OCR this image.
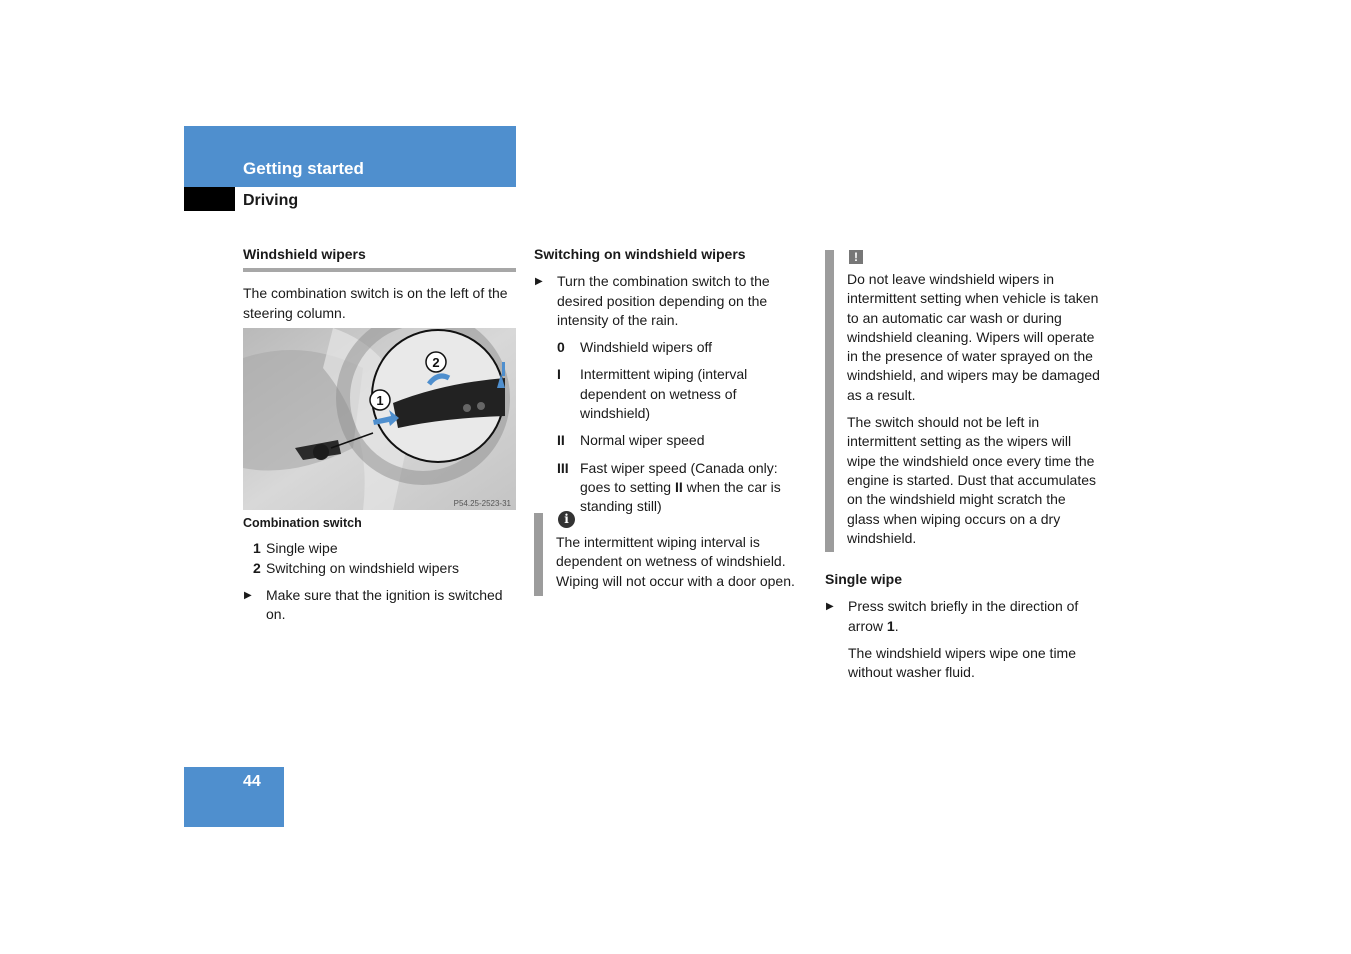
Getting started
Driving
Windshield wipers

The combination switch is on the left of the steering column.

1
2
P54.25-2523-31
Combination switch
1 Single wipe
2 Switching on windshield wipers
▶ Make sure that the ignition is switched on.
Switching on windshield wipers
▶ Turn the combination switch to the desired position depending on the intensity of the rain.
0 Windshield wipers off
I Intermittent wiping (interval dependent on wetness of windshield)
II Normal wiper speed
III Fast wiper speed (Canada only: goes to setting II when the car is standing still)
i
The intermittent wiping interval is dependent on wetness of windshield. Wiping will not occur with a door open.
!

Do not leave windshield wipers in intermittent setting when vehicle is taken to an automatic car wash or during windshield cleaning. Wipers will operate in the presence of water sprayed on the windshield, and wipers may be damaged as a result.

The switch should not be left in intermittent setting as the wipers will wipe the windshield once every time the engine is started. Dust that accumulates on the windshield might scratch the glass when wiping occurs on a dry windshield.

Single wipe
▶ Press switch briefly in the direction of arrow 1.

The windshield wipers wipe one time without washer fluid.

44
